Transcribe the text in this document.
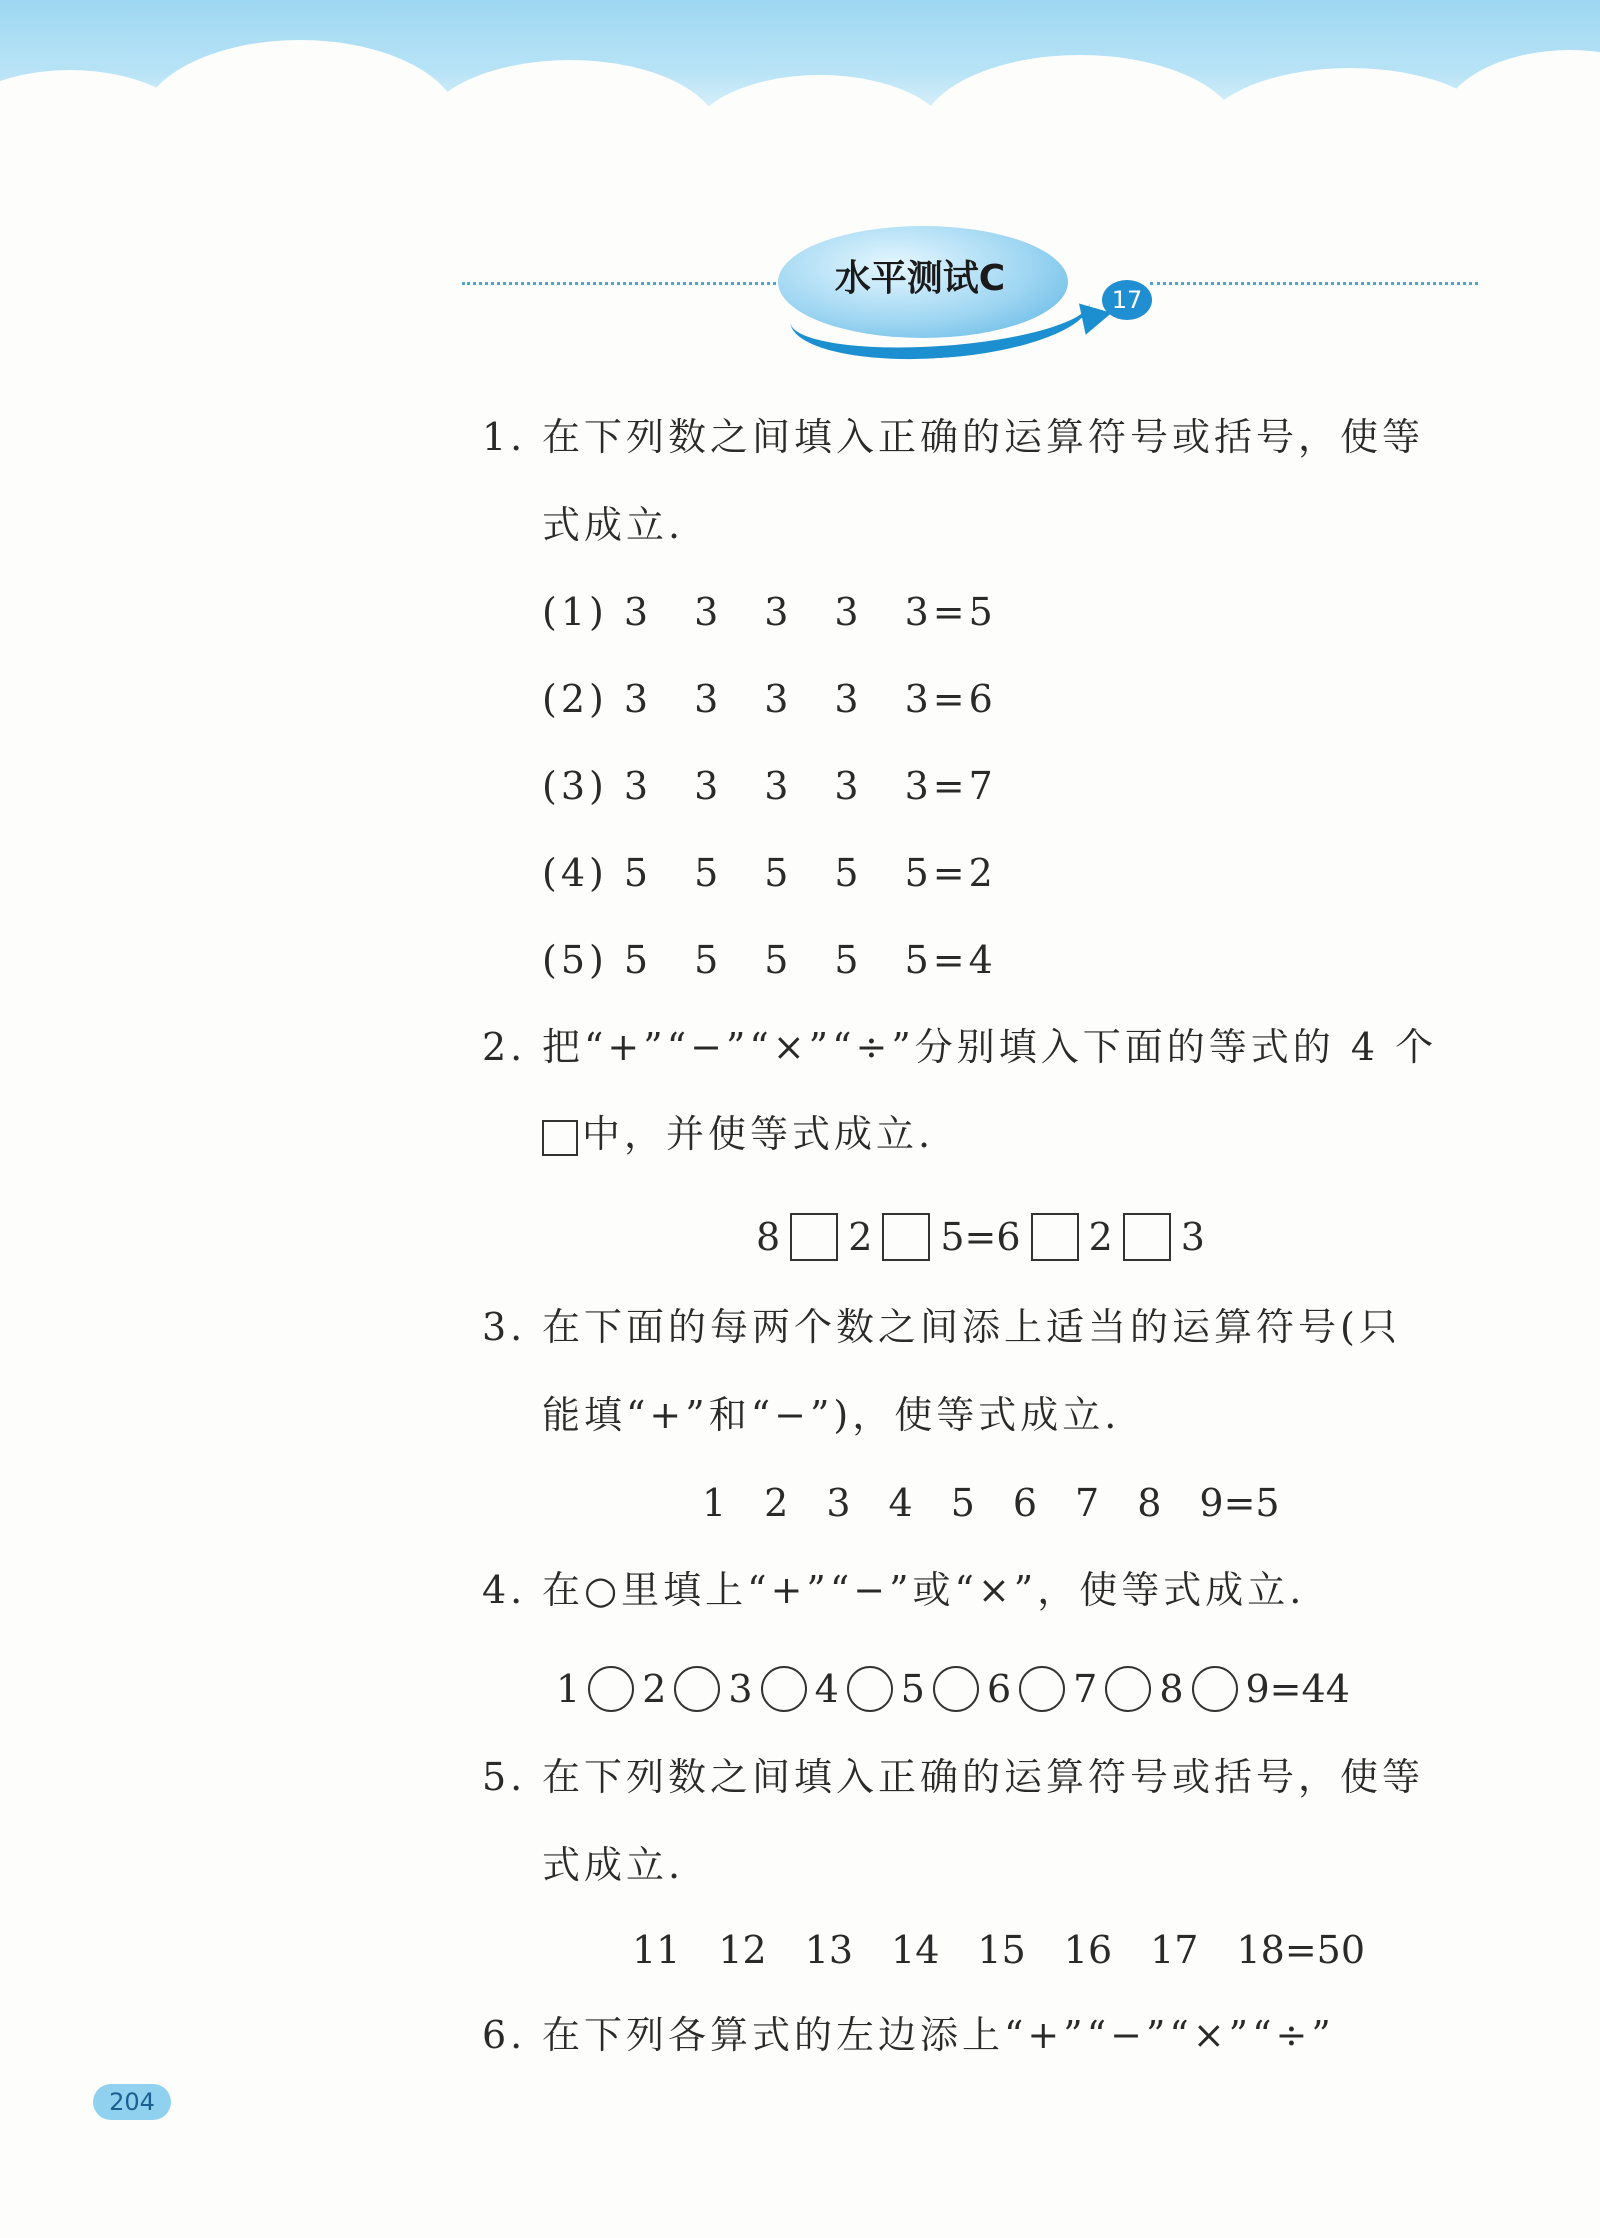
水平测试C
17
1. 在下列数之间填入正确的运算符号或括号，使等
式成立.
(1) 3　3　3　3　3=5
(2) 3　3　3　3　3=6
(3) 3　3　3　3　3=7
(4) 5　5　5　5　5=2
(5) 5　5　5　5　5=4
2. 把“+”“−”“×”“÷”分别填入下面的等式的 4 个
中，并使等式成立.
8 2 5=6 2 3
3. 在下面的每两个数之间添上适当的运算符号(只
能填“+”和“−”)，使等式成立.
1　2　3　4　5　6　7　8　9=5
4. 在○里填上“+”“−”或“×”，使等式成立.
1 2 3 4 5 6 7 8 9=44
5. 在下列数之间填入正确的运算符号或括号，使等
式成立.
11　12　13　14　15　16　17　18=50
6. 在下列各算式的左边添上“+”“−”“×”“÷”
204
